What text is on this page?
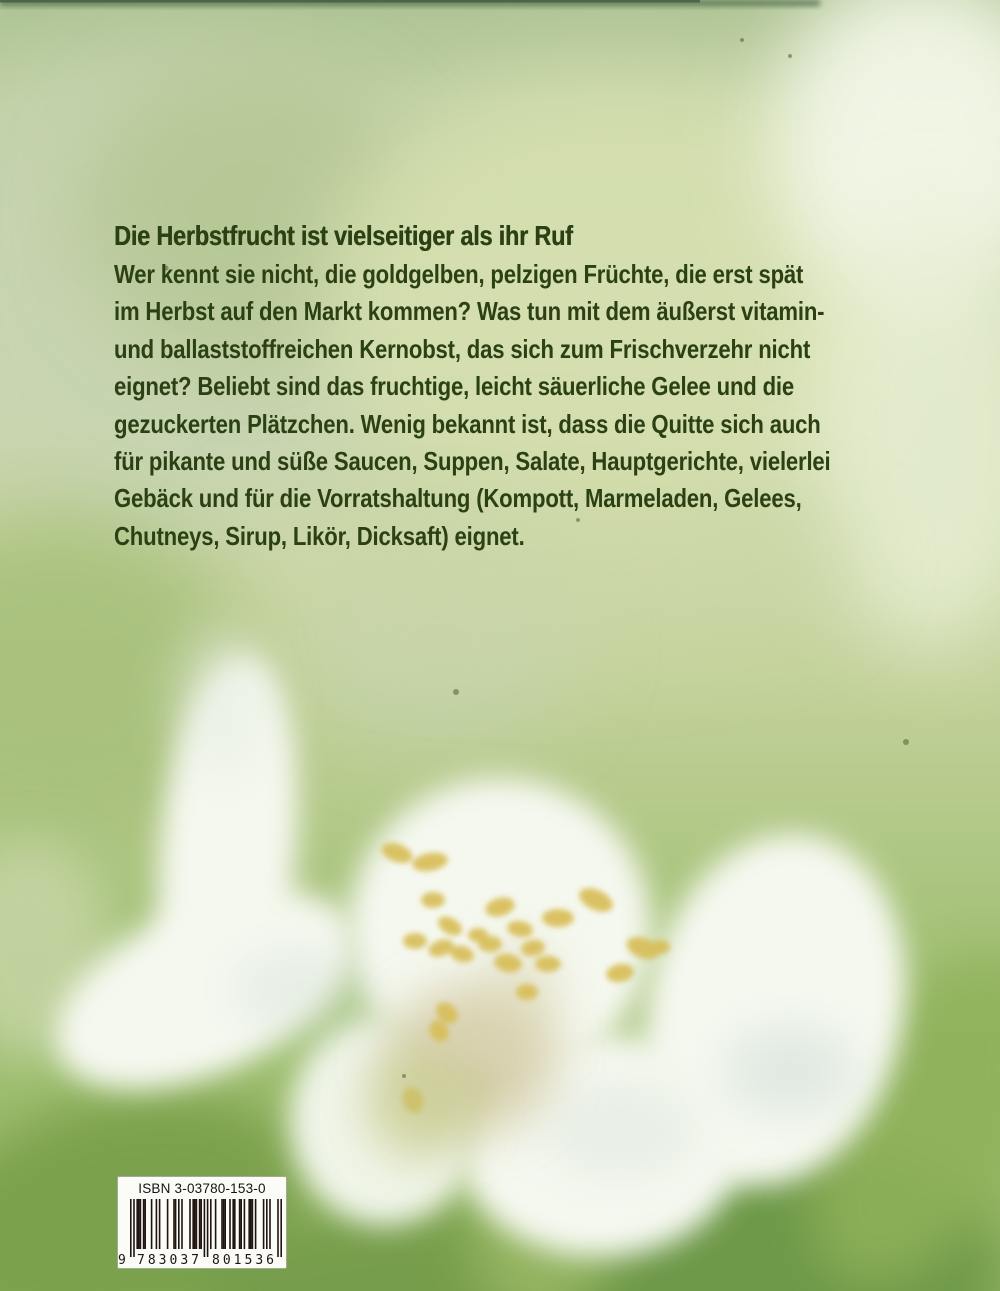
Die Herbstfrucht ist vielseitiger als ihr Ruf
Wer kennt sie nicht, die goldgelben, pelzigen Früchte, die erst spät
im Herbst auf den Markt kommen? Was tun mit dem äußerst vitamin-
und ballaststoffreichen Kernobst, das sich zum Frischverzehr nicht
eignet? Beliebt sind das fruchtige, leicht säuerliche Gelee und die
gezuckerten Plätzchen. Wenig bekannt ist, dass die Quitte sich auch
für pikante und süße Saucen, Suppen, Salate, Hauptgerichte, vielerlei
Gebäck und für die Vorratshaltung (Kompott, Marmeladen, Gelees,
Chutneys, Sirup, Likör, Dicksaft) eignet.
ISBN 3-03780-153-0
9 783037 801536
